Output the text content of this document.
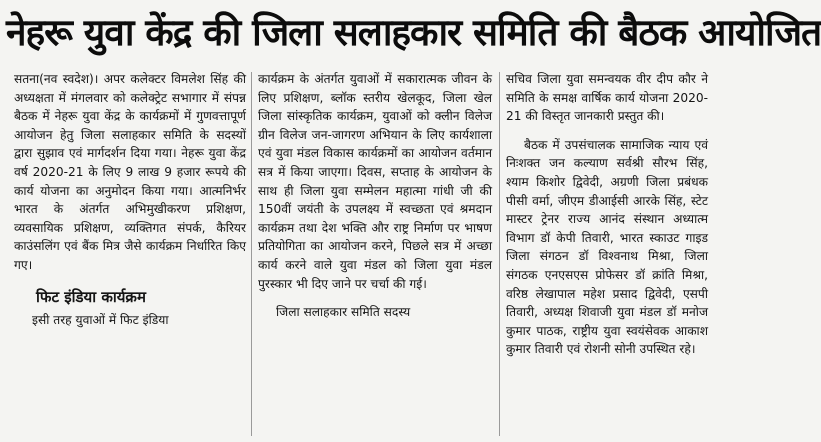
नेहरू युवा केंद्र की जिला सलाहकार समिति की बैठक आयोजित

सतना(नव स्वदेश)। अपर कलेक्टर विमलेश सिंह की अध्यक्षता में मंगलवार को कलेक्ट्रेट सभागार में संपन्न बैठक में नेहरू युवा केंद्र के कार्यक्रमों में गुणवत्तापूर्ण आयोजन हेतु जिला सलाहकार समिति के सदस्यों द्वारा सुझाव एवं मार्गदर्शन दिया गया। नेहरू युवा केंद्र वर्ष 2020-21 के लिए 9 लाख 9 हजार रूपये की कार्य योजना का अनुमोदन किया गया। आत्मनिर्भर भारत के अंतर्गत अभिमुखीकरण प्रशिक्षण, व्यवसायिक प्रशिक्षण, व्यक्तिगत संपर्क, कैरियर काउंसलिंग एवं बैंक मित्र जैसे कार्यक्रम निर्धारित किए गए।

फिट इंडिया कार्यक्रम

इसी तरह युवाओं में फिट इंडिया

कार्यक्रम के अंतर्गत युवाओं में सकारात्मक जीवन के लिए प्रशिक्षण, ब्लॉक स्तरीय खेलकूद, जिला खेल जिला सांस्कृतिक कार्यक्रम, युवाओं को क्लीन विलेज ग्रीन विलेज जन-जागरण अभियान के लिए कार्यशाला एवं युवा मंडल विकास कार्यक्रमों का आयोजन वर्तमान सत्र में किया जाएगा। दिवस, सप्ताह के आयोजन के साथ ही जिला युवा सम्मेलन महात्मा गांधी जी की 150वीं जयंती के उपलक्ष्य में स्वच्छता एवं श्रमदान कार्यक्रम तथा देश भक्ति और राष्ट्र निर्माण पर भाषण प्रतियोगिता का आयोजन करने, पिछले सत्र में अच्छा कार्य करने वाले युवा मंडल को जिला युवा मंडल पुरस्कार भी दिए जाने पर चर्चा की गई।

जिला सलाहकार समिति सदस्य

सचिव जिला युवा समन्वयक वीर दीप कौर ने समिति के समक्ष वार्षिक कार्य योजना 2020-21 की विस्तृत जानकारी प्रस्तुत की।

बैठक में उपसंचालक सामाजिक न्याय एवं निःशक्त जन कल्याण सर्वश्री सौरभ सिंह, श्याम किशोर द्विवेदी, अग्रणी जिला प्रबंधक पीसी वर्मा, जीएम डीआईसी आरके सिंह, स्टेट मास्टर ट्रेनर राज्य आनंद संस्थान अध्यात्म विभाग डॉ केपी तिवारी, भारत स्काउट गाइड जिला संगठन डॉ विश्वनाथ मिश्रा, जिला संगठक एनएसएस प्रोफेसर डॉ क्रांति मिश्रा, वरिष्ठ लेखापाल महेश प्रसाद द्विवेदी, एसपी तिवारी, अध्यक्ष शिवाजी युवा मंडल डॉ मनोज कुमार पाठक, राष्ट्रीय युवा स्वयंसेवक आकाश कुमार तिवारी एवं रोशनी सोनी उपस्थित रहे।
